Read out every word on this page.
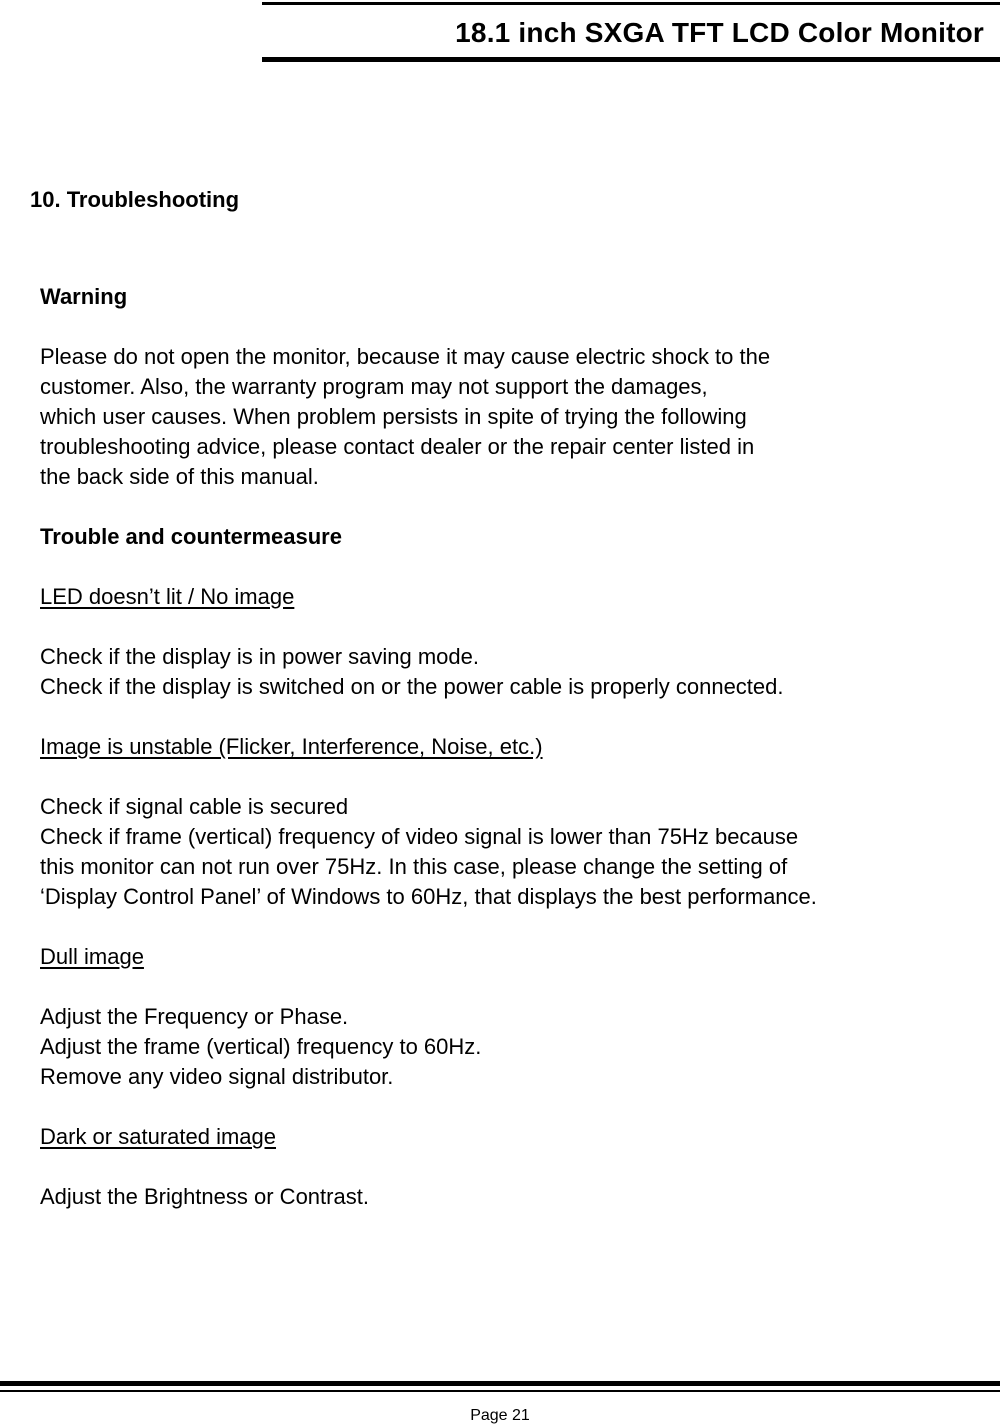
18.1 inch SXGA TFT LCD Color Monitor
10. Troubleshooting

Warning

Please do not open the monitor, because it may cause electric shock to the

customer. Also, the warranty program may not support the damages,

which user causes. When problem persists in spite of trying the following

troubleshooting advice, please contact dealer or the repair center listed in

the back side of this manual.

Trouble and countermeasure

LED doesn’t lit / No image

Check if the display is in power saving mode.

Check if the display is switched on or the power cable is properly connected.

Image is unstable (Flicker, Interference, Noise, etc.)

Check if signal cable is secured

Check if frame (vertical) frequency of video signal is lower than 75Hz because

this monitor can not run over 75Hz. In this case, please change the setting of

‘Display Control Panel’ of Windows to 60Hz, that displays the best performance.

Dull image

Adjust the Frequency or Phase.

Adjust the frame (vertical) frequency to 60Hz.

Remove any video signal distributor.

Dark or saturated image

Adjust the Brightness or Contrast.

Page 21
